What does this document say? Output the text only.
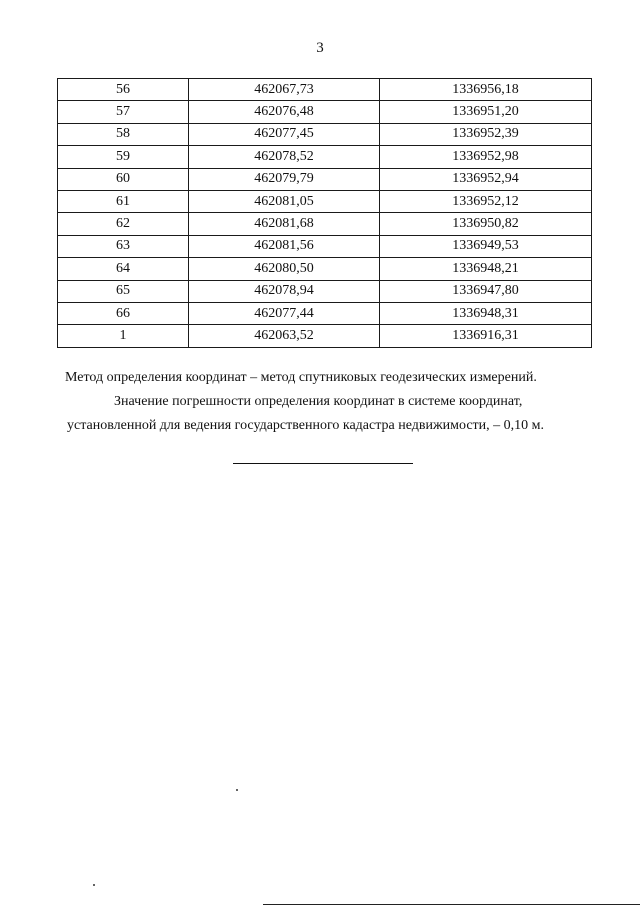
3
56	462067,73	1336956,18
57	462076,48	1336951,20
58	462077,45	1336952,39
59	462078,52	1336952,98
60	462079,79	1336952,94
61	462081,05	1336952,12
62	462081,68	1336950,82
63	462081,56	1336949,53
64	462080,50	1336948,21
65	462078,94	1336947,80
66	462077,44	1336948,31
1	462063,52	1336916,31
Метод определения координат – метод спутниковых геодезических измерений.
Значение погрешности определения координат в системе координат,
установленной для ведения государственного кадастра недвижимости, – 0,10 м.
